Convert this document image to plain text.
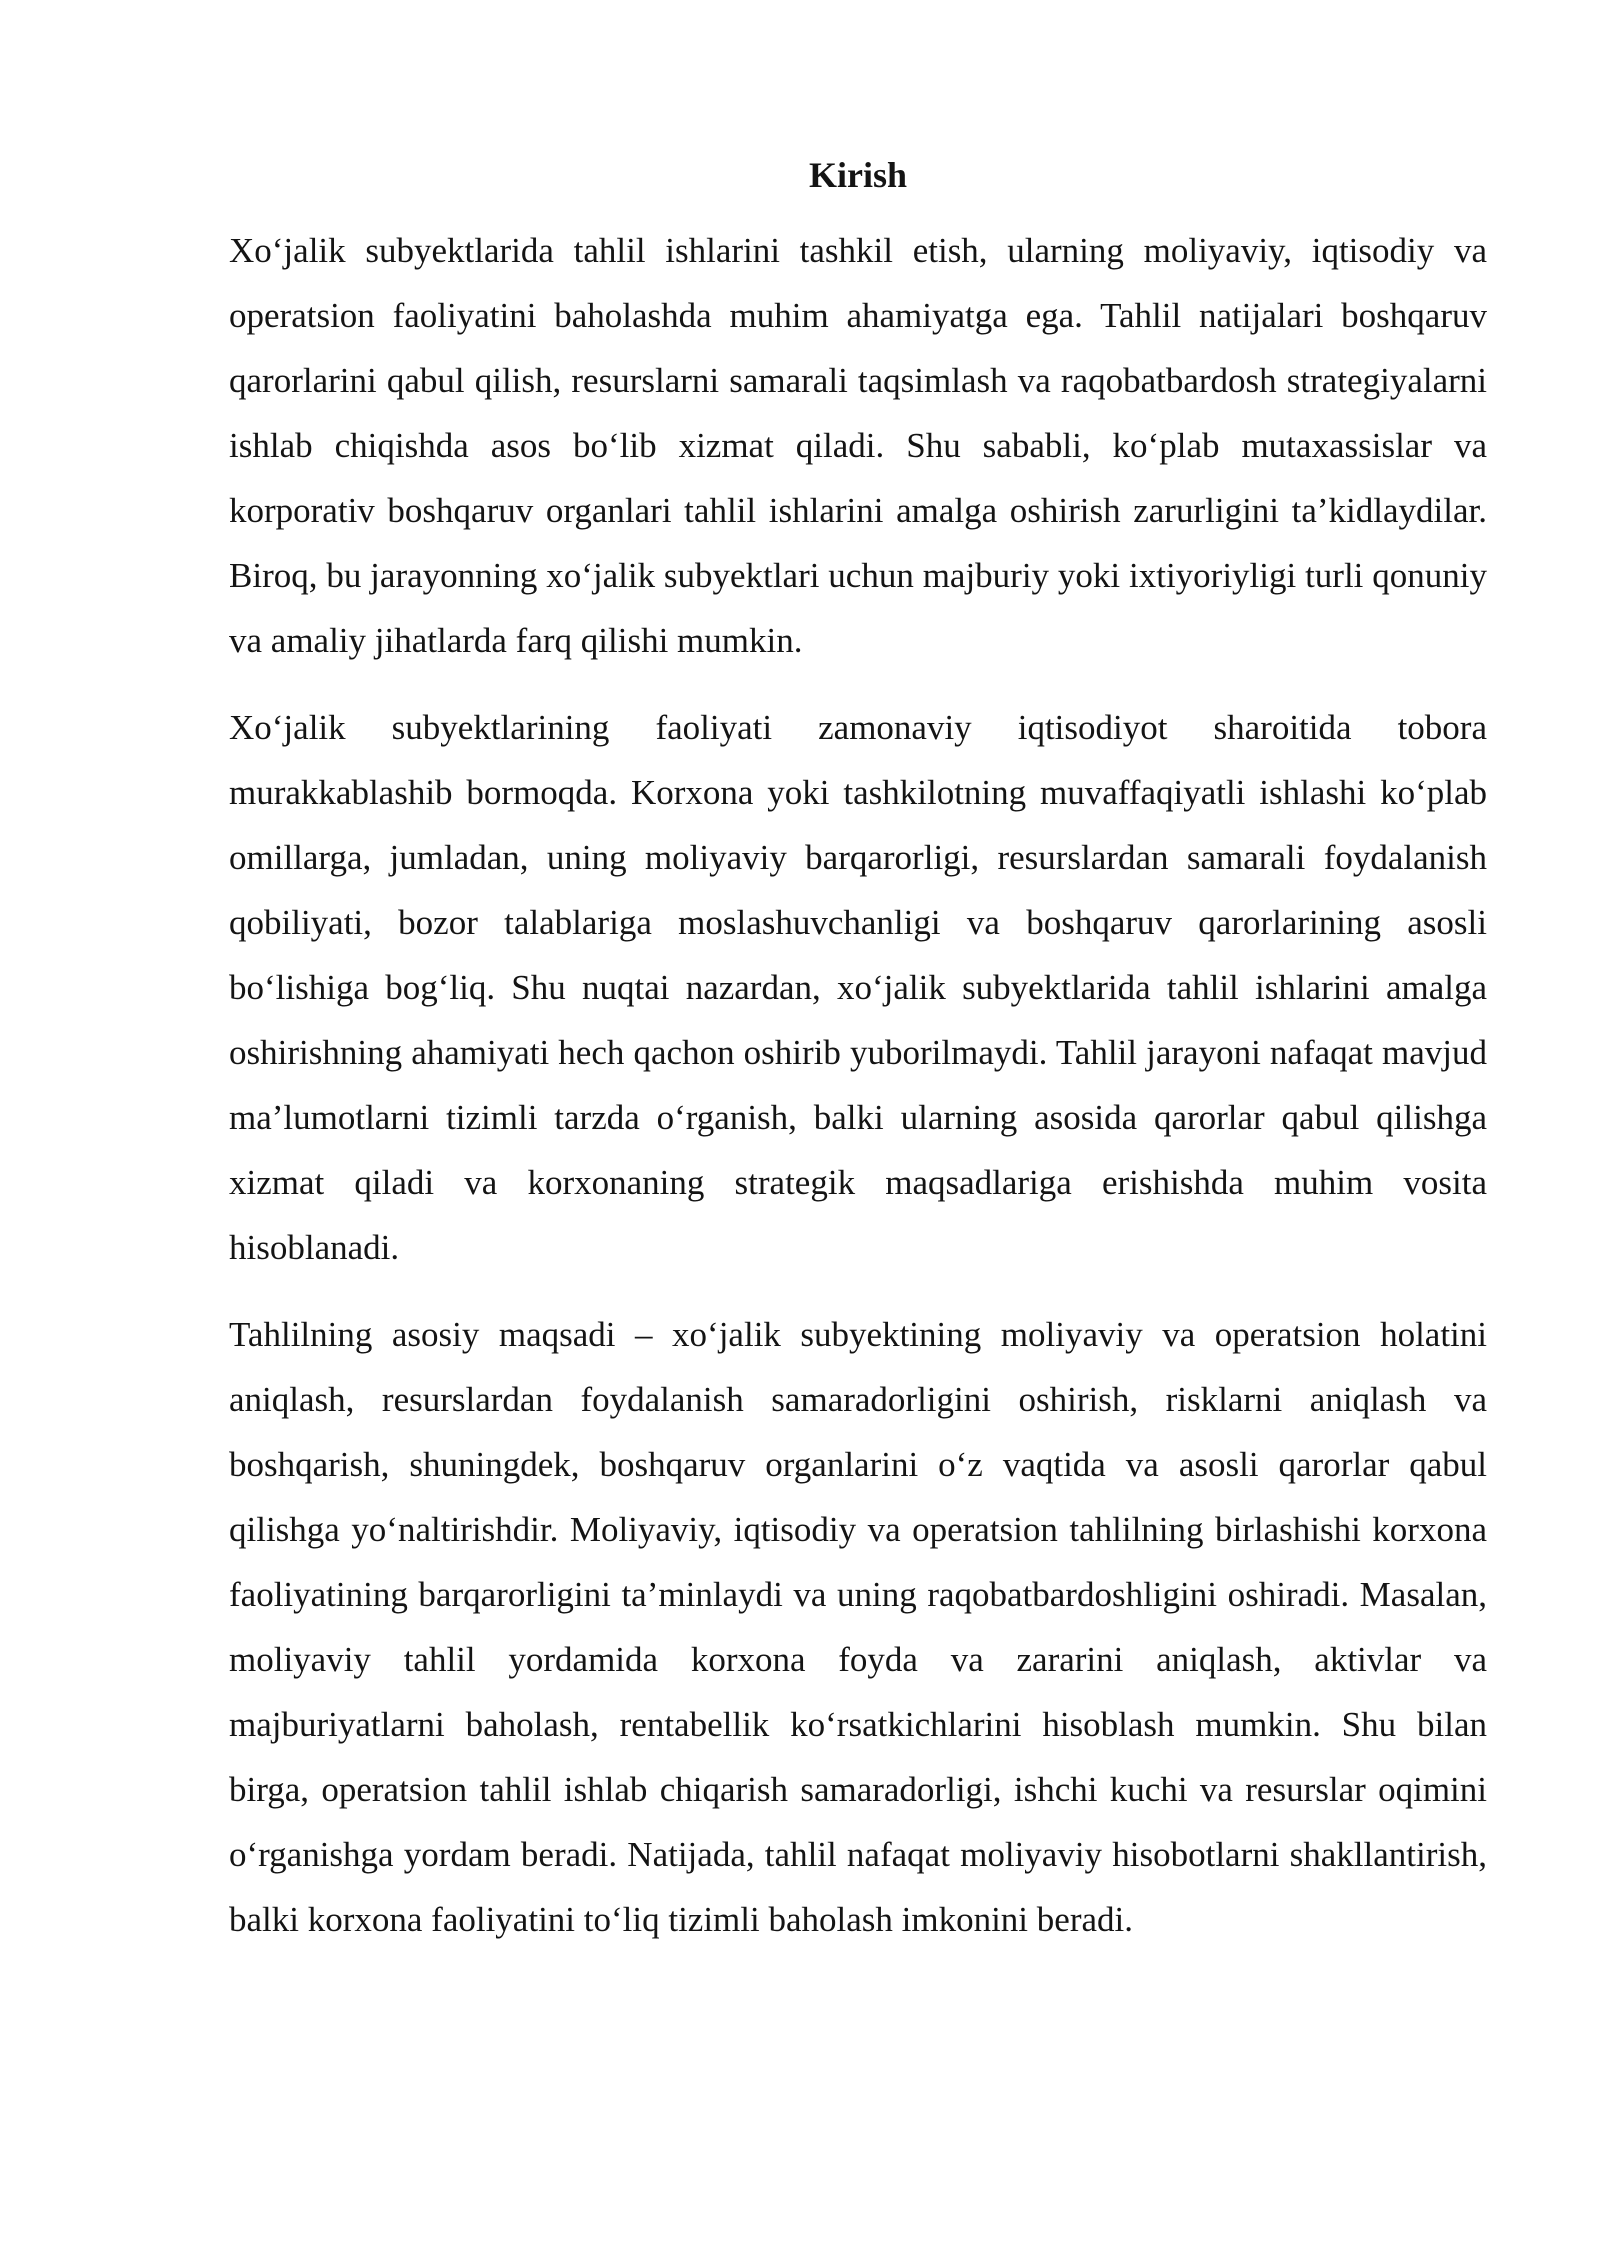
Kirish

Xo‘jalik subyektlarida tahlil ishlarini tashkil etish, ularning moliyaviy, iqtisodiy va operatsion faoliyatini baholashda muhim ahamiyatga ega. Tahlil natijalari boshqaruv qarorlarini qabul qilish, resurslarni samarali taqsimlash va raqobatbardosh strategiyalarni ishlab chiqishda asos bo‘lib xizmat qiladi. Shu sababli, ko‘plab mutaxassislar va korporativ boshqaruv organlari tahlil ishlarini amalga oshirish zarurligini ta’kidlaydilar. Biroq, bu jarayonning xo‘jalik subyektlari uchun majburiy yoki ixtiyoriyligi turli qonuniy va amaliy jihatlarda farq qilishi mumkin.

Xo‘jalik subyektlarining faoliyati zamonaviy iqtisodiyot sharoitida tobora murakkablashib bormoqda. Korxona yoki tashkilotning muvaffaqiyatli ishlashi ko‘plab omillarga, jumladan, uning moliyaviy barqarorligi, resurslardan samarali foydalanish qobiliyati, bozor talablariga moslashuvchanligi va boshqaruv qarorlarining asosli bo‘lishiga bog‘liq. Shu nuqtai nazardan, xo‘jalik subyektlarida tahlil ishlarini amalga oshirishning ahamiyati hech qachon oshirib yuborilmaydi. Tahlil jarayoni nafaqat mavjud ma’lumotlarni tizimli tarzda o‘rganish, balki ularning asosida qarorlar qabul qilishga xizmat qiladi va korxonaning strategik maqsadlariga erishishda muhim vosita hisoblanadi.

Tahlilning asosiy maqsadi – xo‘jalik subyektining moliyaviy va operatsion holatini aniqlash, resurslardan foydalanish samaradorligini oshirish, risklarni aniqlash va boshqarish, shuningdek, boshqaruv organlarini o‘z vaqtida va asosli qarorlar qabul qilishga yo‘naltirishdir. Moliyaviy, iqtisodiy va operatsion tahlilning birlashishi korxona faoliyatining barqarorligini ta’minlaydi va uning raqobatbardoshligini oshiradi. Masalan, moliyaviy tahlil yordamida korxona foyda va zararini aniqlash, aktivlar va majburiyatlarni baholash, rentabellik ko‘rsatkichlarini hisoblash mumkin. Shu bilan birga, operatsion tahlil ishlab chiqarish samaradorligi, ishchi kuchi va resurslar oqimini o‘rganishga yordam beradi. Natijada, tahlil nafaqat moliyaviy hisobotlarni shakllantirish, balki korxona faoliyatini to‘liq tizimli baholash imkonini beradi.
